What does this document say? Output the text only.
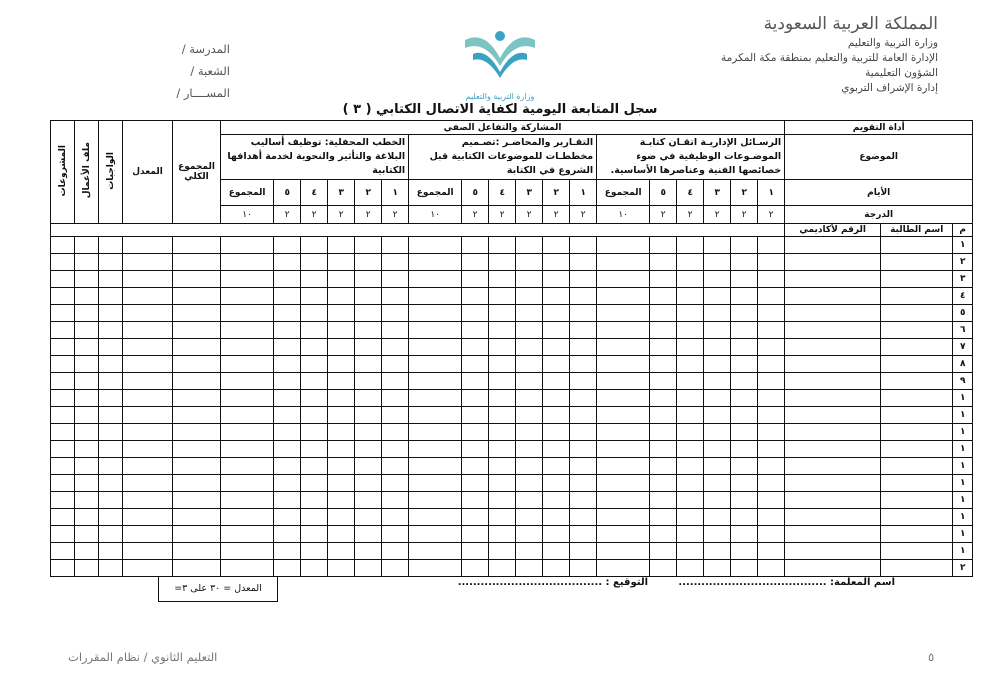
المملكة العربية السعودية
وزارة التربية والتعليم
الإدارة العامة للتربية والتعليم بمنطقة مكة المكرمة
الشؤون التعليمية
إدارة الإشراف التربوي
وزارة التربية والتعليم
المدرسة /
الشعبة /
المســــار /
سجل المتابعة اليومية لكفاية الاتصال الكتابي ( ٣ )
أداة التقويم			المشاركة والتفاعل الصفي																		المجموع الكلي	المعدل	الواجبات	ملف الأعمال	المشروعات	
الموضوع			الرسـائل الإداريـة اتقـان كتابـة الموضـوعات الوظيفية في ضوء خصائصها الفنية وعناصرها الأساسية.						التقـارير والمحاضـر :تصـميم مخططـات للموضوعات الكتابية قبل الشروع في الكتابة						الخطب المحفلية: توظيف أساليب البلاغة والتأثير والنحوية لخدمة أهدافها الكتابية											
الأيام			١	٢	٣	٤	٥	المجموع	١	٢	٣	٤	٥	المجموع	١	٢	٣	٤	٥	المجموع						
الدرجة			٢	٢	٢	٢	٢	١٠	٢	٢	٢	٢	٢	١٠	٢	٢	٢	٢	٢	١٠					
م	اسم الطالبة	الرقم لأكاديمي																								
١																										
٢																										
٣																										
٤																										
٥																										
٦																										
٧																										
٨																										
٩																										
١																										
١																										
١																										
١																										
١																										
١																										
١																										
١																										
١																										
١																										
٢																										
اسم المعلمة: .......................................
التوقيع : ......................................
المعدل = ٣٠ على ٣=
التعليم الثانوي / نظام المقررات	٥
